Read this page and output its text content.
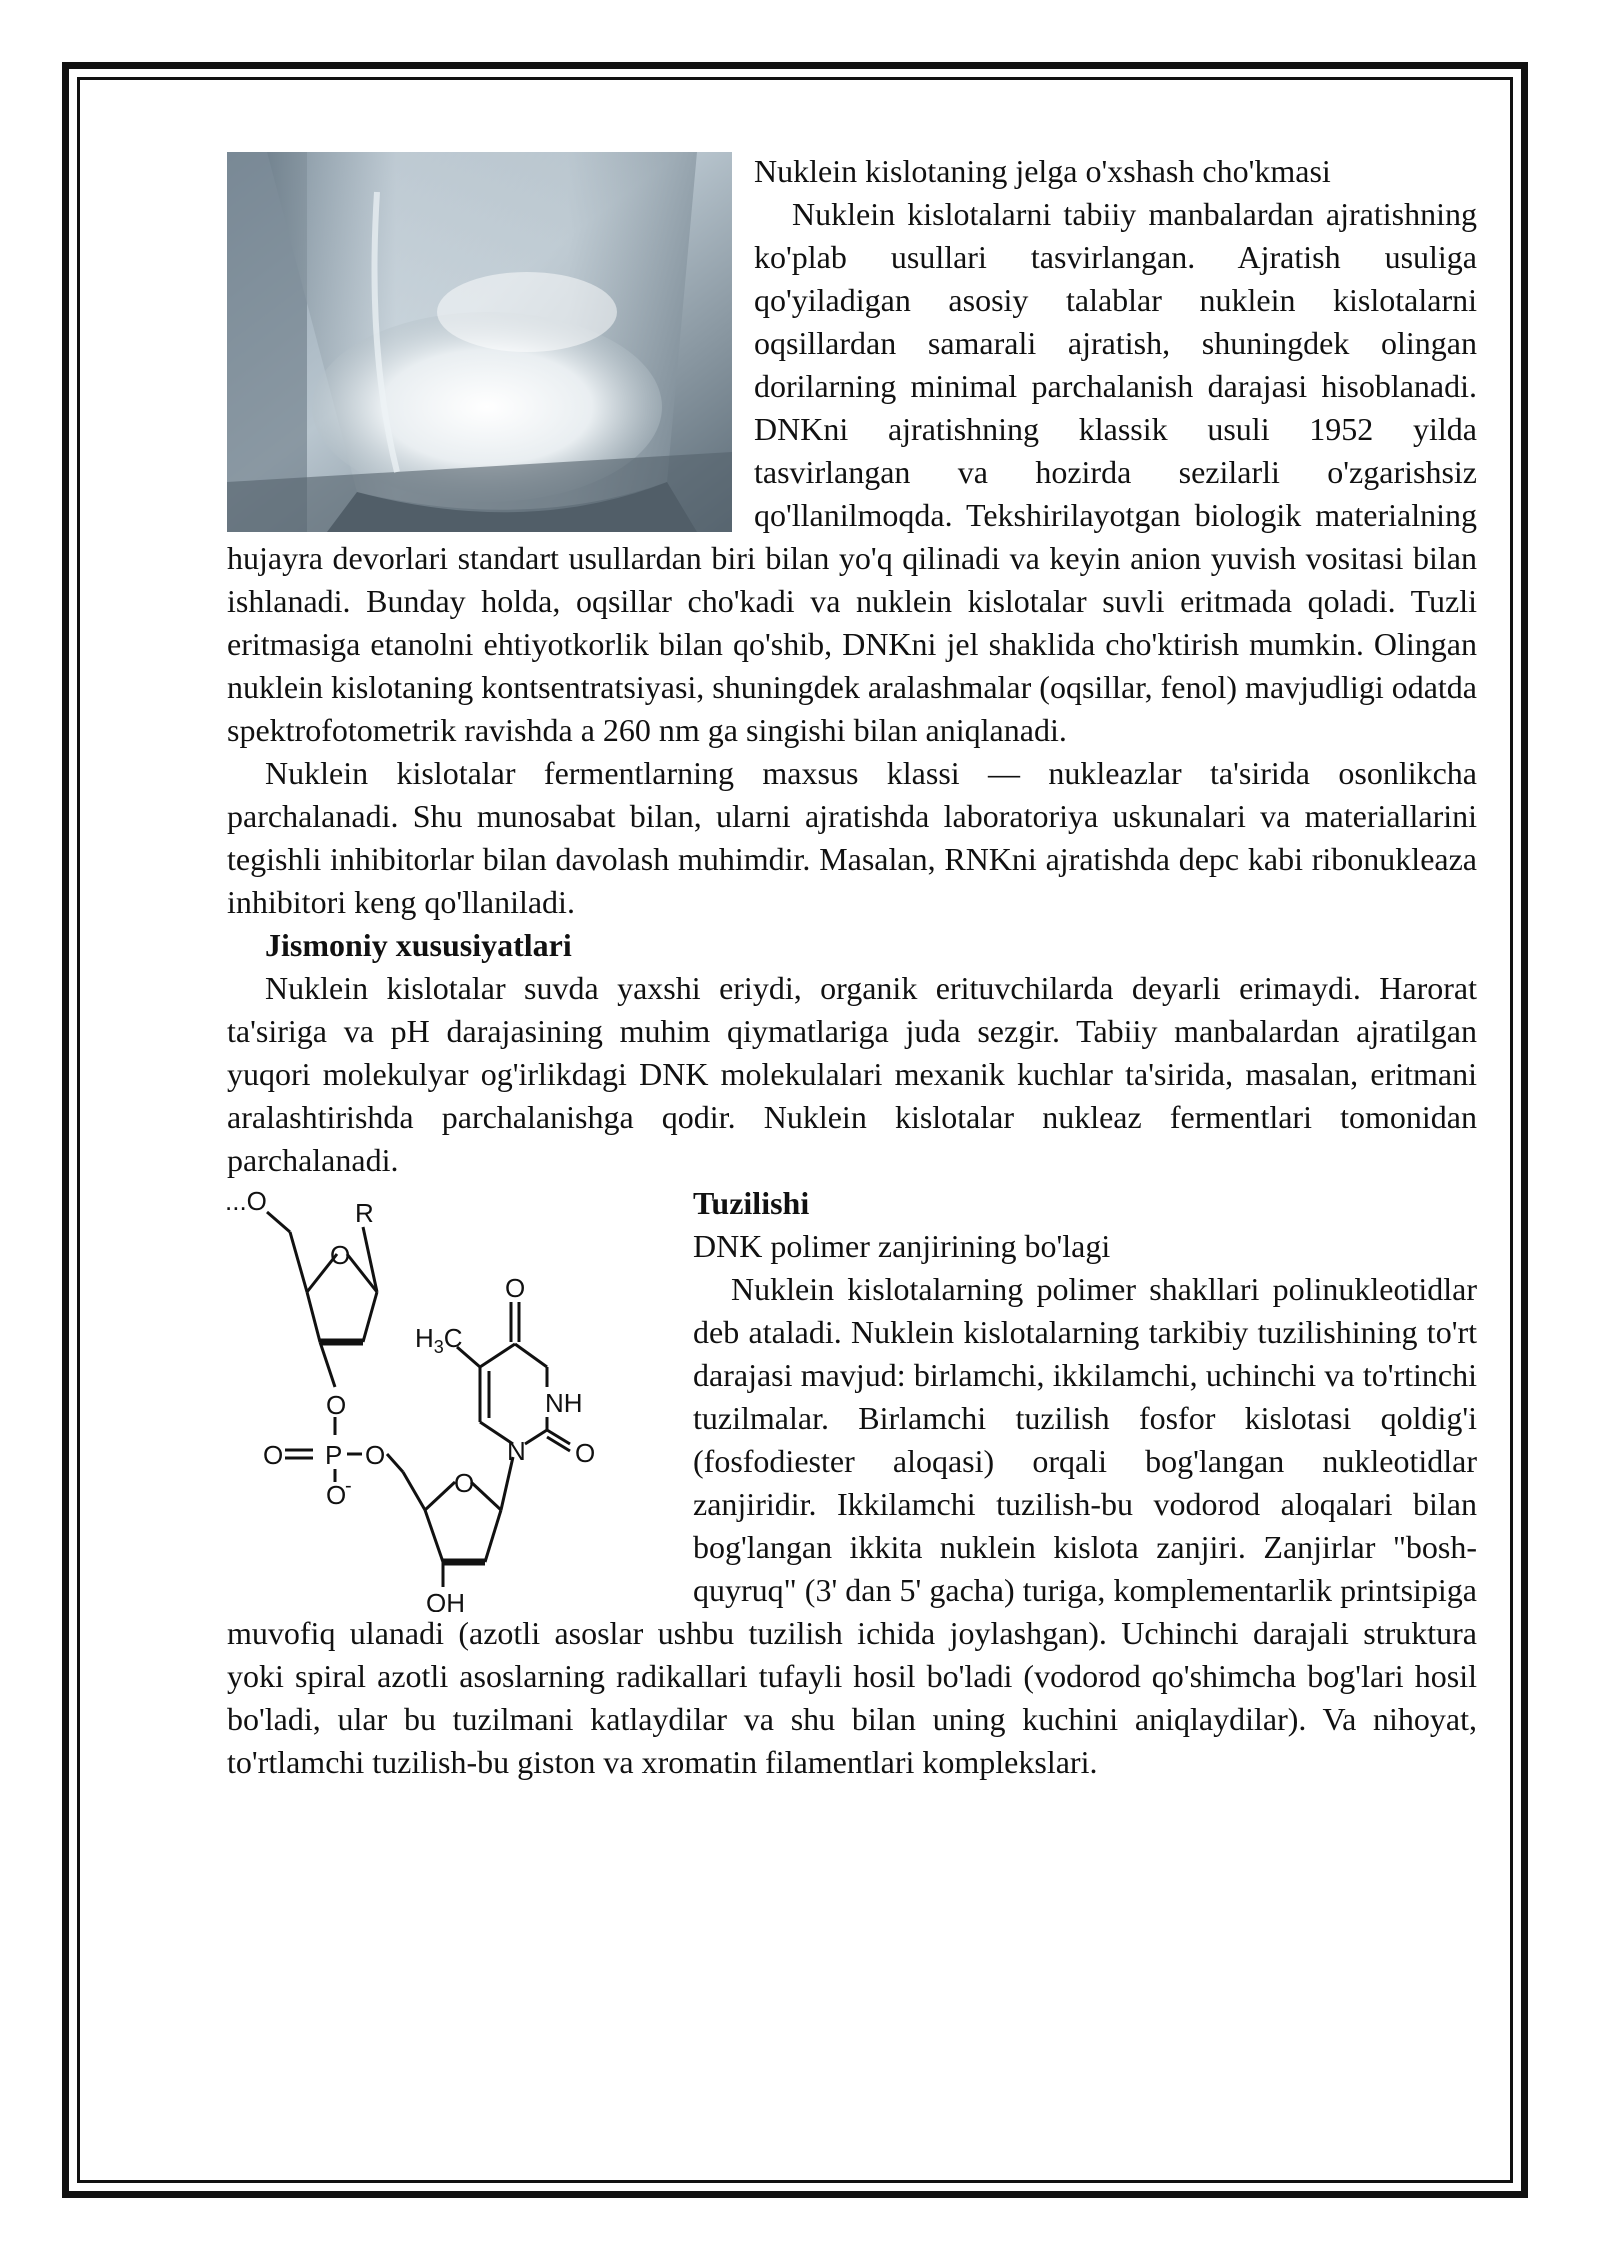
Nuklein kislotaning jelga o'xshash cho'kmasi

Nuklein kislotalarni tabiiy manbalardan ajratishning ko'plab usullari tasvirlangan. Ajratish usuliga qo'yiladigan asosiy talablar nuklein kislotalarni oqsillardan samarali ajratish, shuningdek olingan dorilarning minimal parchalanish darajasi hisoblanadi. DNKni ajratishning klassik usuli 1952 yilda tasvirlangan va hozirda sezilarli o'zgarishsiz qo'llanilmoqda. Tekshirilayotgan biologik materialning hujayra devorlari standart usullardan biri bilan yo'q qilinadi va keyin anion yuvish vositasi bilan ishlanadi. Bunday holda, oqsillar cho'kadi va nuklein kislotalar suvli eritmada qoladi. Tuzli eritmasiga etanolni ehtiyotkorlik bilan qo'shib, DNKni jel shaklida cho'ktirish mumkin. Olingan nuklein kislotaning kontsentratsiyasi, shuningdek aralashmalar (oqsillar, fenol) mavjudligi odatda spektrofotometrik ravishda a 260 nm ga singishi bilan aniqlanadi.

Nuklein kislotalar fermentlarning maxsus klassi — nukleazlar ta'sirida osonlikcha parchalanadi. Shu munosabat bilan, ularni ajratishda laboratoriya uskunalari va materiallarini tegishli inhibitorlar bilan davolash muhimdir. Masalan, RNKni ajratishda depc kabi ribonukleaza inhibitori keng qo'llaniladi.

Jismoniy xususiyatlari

Nuklein kislotalar suvda yaxshi eriydi, organik erituvchilarda deyarli erimaydi. Harorat ta'siriga va pH darajasining muhim qiymatlariga juda sezgir. Tabiiy manbalardan ajratilgan yuqori molekulyar og'irlikdagi DNK molekulalari mexanik kuchlar ta'sirida, masalan, eritmani aralashtirishda parchalanishga qodir. Nuklein kislotalar nukleaz fermentlari tomonidan parchalanadi.

...O	R
O
O
P
O	O
O
-	O
OH
$H_3C$
O
NH
N O

Tuzilishi

DNK polimer zanjirining bo'lagi

Nuklein kislotalarning polimer shakllari polinukleotidlar deb ataladi. Nuklein kislotalarning tarkibiy tuzilishining to'rt darajasi mavjud: birlamchi, ikkilamchi, uchinchi va to'rtinchi tuzilmalar. Birlamchi tuzilish fosfor kislotasi qoldig'i (fosfodiester aloqasi) orqali bog'langan nukleotidlar zanjiridir. Ikkilamchi tuzilish-bu vodorod aloqalari bilan bog'langan ikkita nuklein kislota zanjiri. Zanjirlar "bosh-quyruq" (3' dan 5' gacha) turiga, komplementarlik printsipiga muvofiq ulanadi (azotli asoslar ushbu tuzilish ichida joylashgan). Uchinchi darajali struktura yoki spiral azotli asoslarning radikallari tufayli hosil bo'ladi (vodorod qo'shimcha bog'lari hosil bo'ladi, ular bu tuzilmani katlaydilar va shu bilan uning kuchini aniqlaydilar). Va nihoyat, to'rtlamchi tuzilish-bu giston va xromatin filamentlari komplekslari.
